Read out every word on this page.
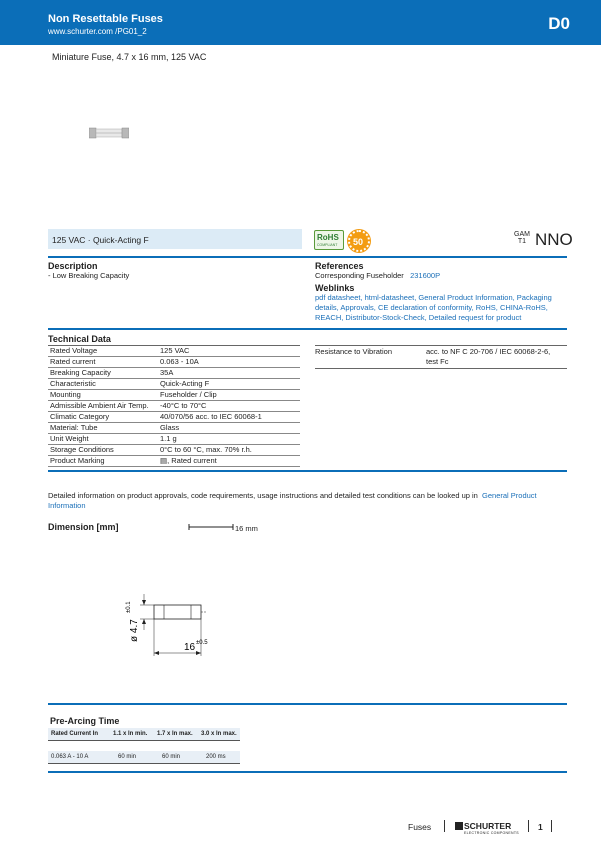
Non Resettable Fuses
www.schurter.com /PG01_2	D0
Miniature Fuse, 4.7 x 16 mm, 125 VAC
125 VAC · Quick-Acting F	RoHS
COMPLIANT 50
GAM
T1 NNO
Description
- Low Breaking Capacity
References
Corresponding Fuseholder 231600P
Weblinks
pdf datasheet, html-datasheet, General Product Information, Packaging
details, Approvals, CE declaration of conformity, RoHS, CHINA-RoHS,
REACH, Distributor-Stock-Check, Detailed request for product
Technical Data
Rated Voltage	125 VAC
Rated current	0.063 - 10A
Breaking Capacity	35A
Characteristic	Quick-Acting F
Mounting	Fuseholder / Clip
Admissible Ambient Air Temp.	-40°C to 70°C
Climatic Category	40/070/56 acc. to IEC 60068-1
Material: Tube	Glass
Unit Weight	1.1 g
Storage Conditions	0°C to 60 °C, max. 70% r.h.
Product Marking	▤, Rated current
Resistance to Vibration	acc. to NF C 20-706 / IEC 60068-2-6,
test Fc
Detailed information on product approvals, code requirements, usage instructions and detailed test conditions can be looked up in General Product
Information
Dimension [mm]	16 mm
ø 4.7
±0.1
16 ±0.5
Pre-Arcing Time
Rated Current In	1.1 x In min.	1.7 x In max.	3.0 x In max.

0.063 A - 10 A	60 min	60 min	200 ms
Fuses	SCHURTER
ELECTRONIC COMPONENTS
1
